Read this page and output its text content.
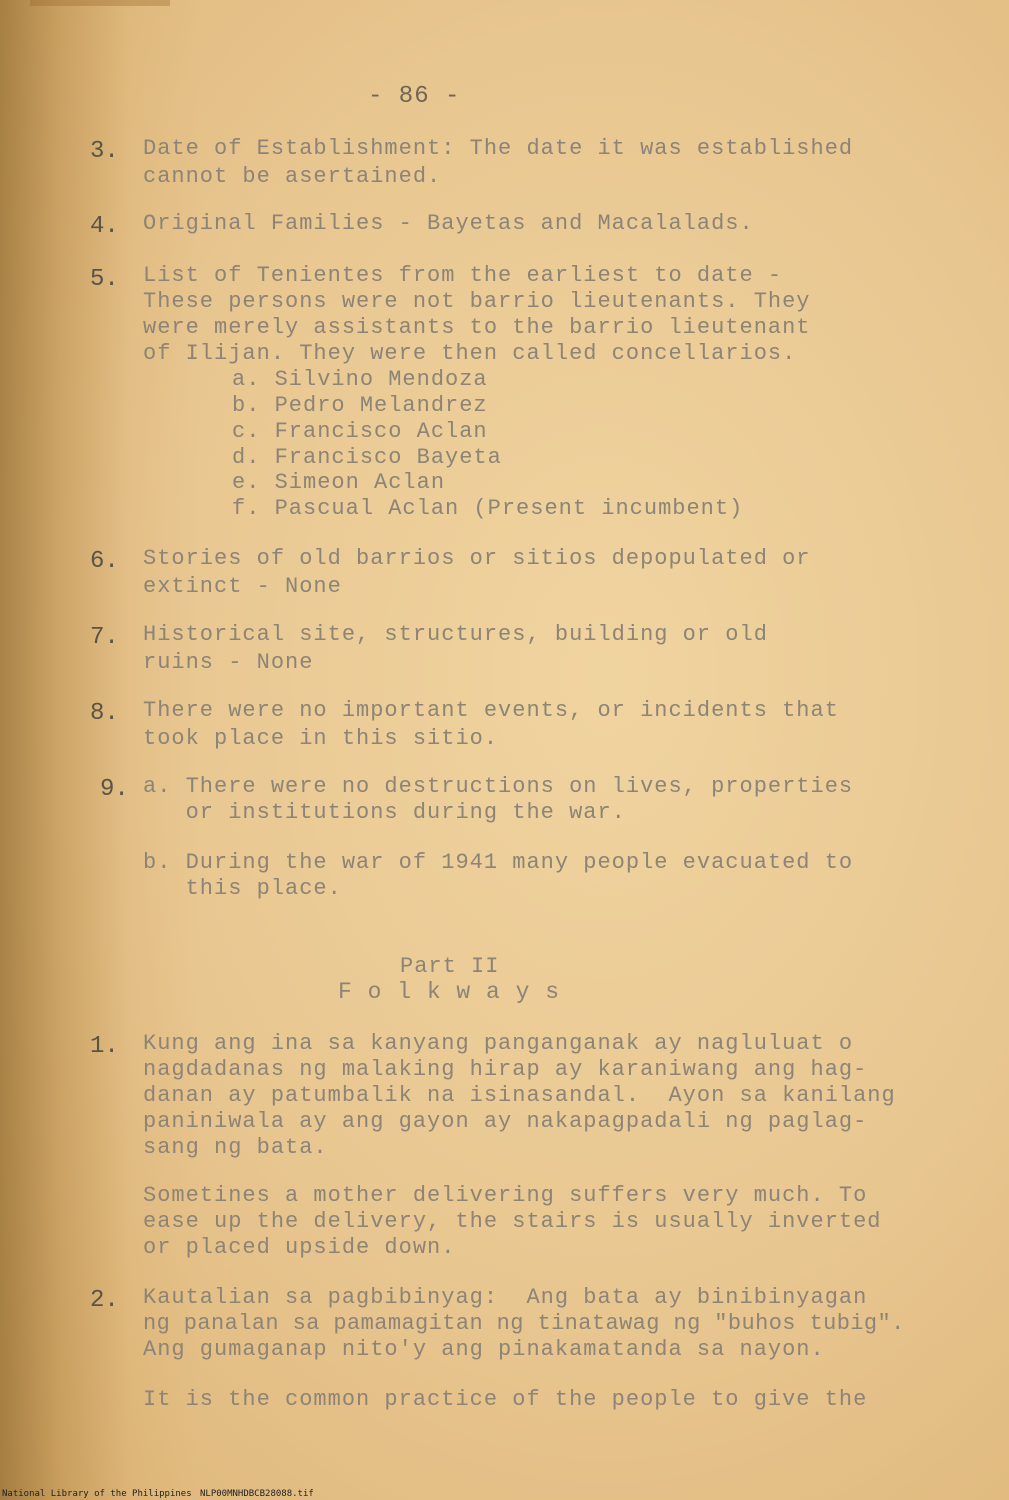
- 86 -
3. Date of Establishment: The date it was established
cannot be asertained.
4. Original Families - Bayetas and Macalalads.
5. List of Tenientes from the earliest to date -
These persons were not barrio lieutenants. They
were merely assistants to the barrio lieutenant
of Ilijan. They were then called concellarios.
a. Silvino Mendoza
b. Pedro Melandrez
c. Francisco Aclan
d. Francisco Bayeta
e. Simeon Aclan
f. Pascual Aclan (Present incumbent)
6. Stories of old barrios or sitios depopulated or
extinct - None
7. Historical site, structures, building or old
ruins - None
8. There were no important events, or incidents that
took place in this sitio.
9. a. There were no destructions on lives, properties
or institutions during the war.
b. During the war of 1941 many people evacuated to
this place.
Part II
F o l k w a y s
1. Kung ang ina sa kanyang panganganak ay nagluluat o
nagdadanas ng malaking hirap ay karaniwang ang hag-
danan ay patumbalik na isinasandal.  Ayon sa kanilang
paniniwala ay ang gayon ay nakapagpadali ng paglag-
sang ng bata.
Sometines a mother delivering suffers very much. To
ease up the delivery, the stairs is usually inverted
or placed upside down.
2. Kautalian sa pagbibinyag:  Ang bata ay binibinyagan
ng panalan sa pamamagitan ng tinatawag ng "buhos tubig".
Ang gumaganap nito'y ang pinakamatanda sa nayon.
It is the common practice of the people to give the
National Library of the Philippines NLP00MNHDBCB28088.tif
